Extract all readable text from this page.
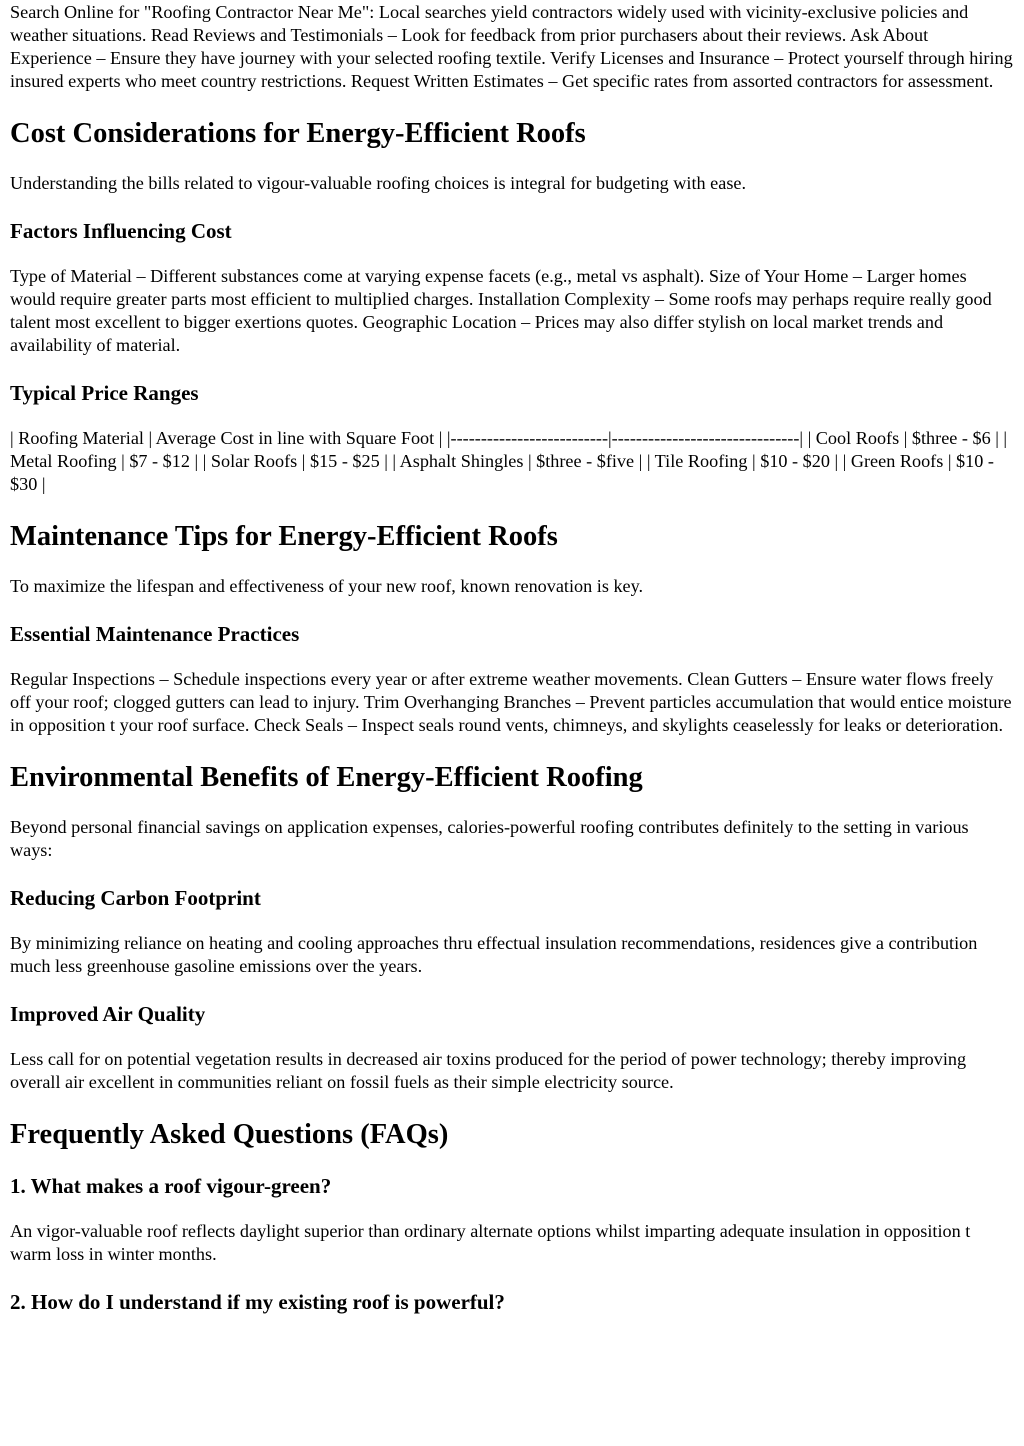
Search Online for "Roofing Contractor Near Me": Local searches yield contractors widely used with vicinity-exclusive policies and weather situations. Read Reviews and Testimonials – Look for feedback from prior purchasers about their reviews. Ask About Experience – Ensure they have journey with your selected roofing textile. Verify Licenses and Insurance – Protect yourself through hiring insured experts who meet country restrictions. Request Written Estimates – Get specific rates from assorted contractors for assessment.

Cost Considerations for Energy-Efficient Roofs

Understanding the bills related to vigour-valuable roofing choices is integral for budgeting with ease.

Factors Influencing Cost

Type of Material – Different substances come at varying expense facets (e.g., metal vs asphalt). Size of Your Home – Larger homes would require greater parts most efficient to multiplied charges. Installation Complexity – Some roofs may perhaps require really good talent most excellent to bigger exertions quotes. Geographic Location – Prices may also differ stylish on local market trends and availability of material.

Typical Price Ranges

| Roofing Material | Average Cost in line with Square Foot | |--------------------------|-------------------------------| | Cool Roofs | $three - $6 | | Metal Roofing | $7 - $12 | | Solar Roofs | $15 - $25 | | Asphalt Shingles | $three - $five | | Tile Roofing | $10 - $20 | | Green Roofs | $10 - $30 |

Maintenance Tips for Energy-Efficient Roofs

To maximize the lifespan and effectiveness of your new roof, known renovation is key.

Essential Maintenance Practices

Regular Inspections – Schedule inspections every year or after extreme weather movements. Clean Gutters – Ensure water flows freely off your roof; clogged gutters can lead to injury. Trim Overhanging Branches – Prevent particles accumulation that would entice moisture in opposition t your roof surface. Check Seals – Inspect seals round vents, chimneys, and skylights ceaselessly for leaks or deterioration.

Environmental Benefits of Energy-Efficient Roofing

Beyond personal financial savings on application expenses, calories-powerful roofing contributes definitely to the setting in various ways:

Reducing Carbon Footprint

By minimizing reliance on heating and cooling approaches thru effectual insulation recommendations, residences give a contribution much less greenhouse gasoline emissions over the years.

Improved Air Quality

Less call for on potential vegetation results in decreased air toxins produced for the period of power technology; thereby improving overall air excellent in communities reliant on fossil fuels as their simple electricity source.

Frequently Asked Questions (FAQs)
1. What makes a roof vigour-green?

An vigor-valuable roof reflects daylight superior than ordinary alternate options whilst imparting adequate insulation in opposition t warm loss in winter months.

2. How do I understand if my existing roof is powerful?
